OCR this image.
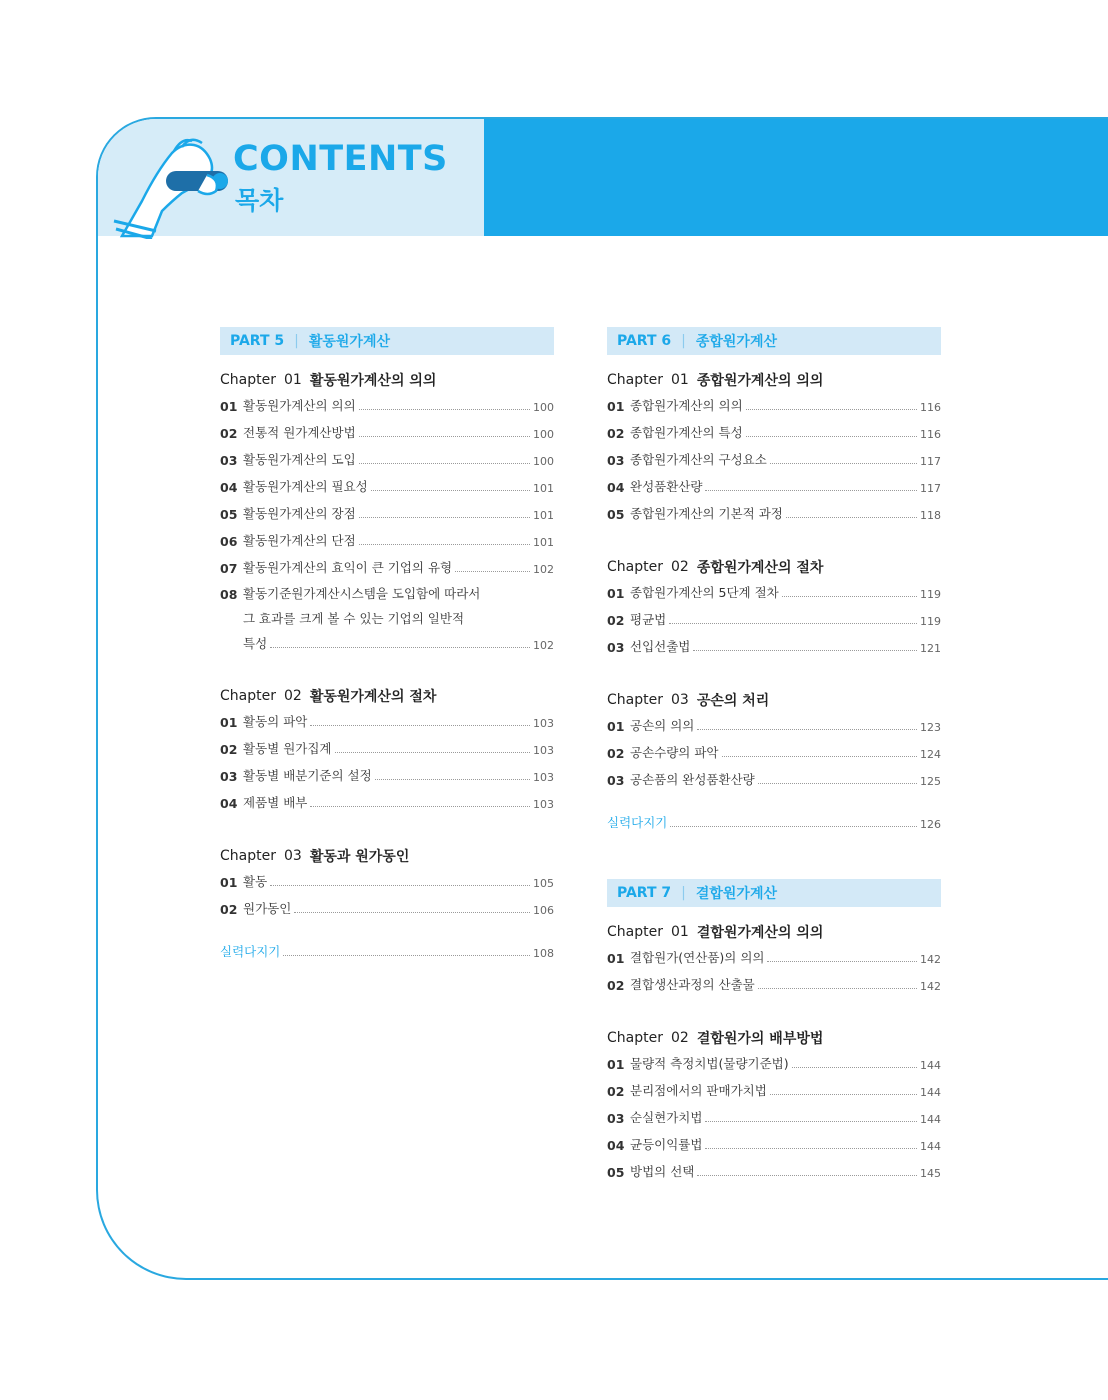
CONTENTS
목차
PART 5 | 활동원가계산
Chapter 01 활동원가계산의 의의
01 활동원가계산의 의의	100
02 전통적 원가계산방법	100
03 활동원가계산의 도입	100
04 활동원가계산의 필요성	101
05 활동원가계산의 장점	101
06 활동원가계산의 단점	101
07 활동원가계산의 효익이 큰 기업의 유형	102
08 활동기준원가계산시스템을 도입함에 따라서
그 효과를 크게 볼 수 있는 기업의 일반적
특성	102
Chapter 02 활동원가계산의 절차
01 활동의 파악	103
02 활동별 원가집계	103
03 활동별 배분기준의 설정	103
04 제품별 배부	103
Chapter 03 활동과 원가동인
01 활동	105
02 원가동인	106
실력다지기	108
PART 6 | 종합원가계산
Chapter 01 종합원가계산의 의의
01 종합원가계산의 의의	116
02 종합원가계산의 특성	116
03 종합원가계산의 구성요소	117
04 완성품환산량	117
05 종합원가계산의 기본적 과정	118
Chapter 02 종합원가계산의 절차
01 종합원가계산의 5단계 절차	119
02 평균법	119
03 선입선출법	121
Chapter 03 공손의 처리
01 공손의 의의	123
02 공손수량의 파악	124
03 공손품의 완성품환산량	125
실력다지기	126
PART 7 | 결합원가계산
Chapter 01 결합원가계산의 의의
01 결합원가(연산품)의 의의	142
02 결합생산과정의 산출물	142
Chapter 02 결합원가의 배부방법
01 물량적 측정치법(물량기준법)	144
02 분리점에서의 판매가치법	144
03 순실현가치법	144
04 균등이익률법	144
05 방법의 선택	145
